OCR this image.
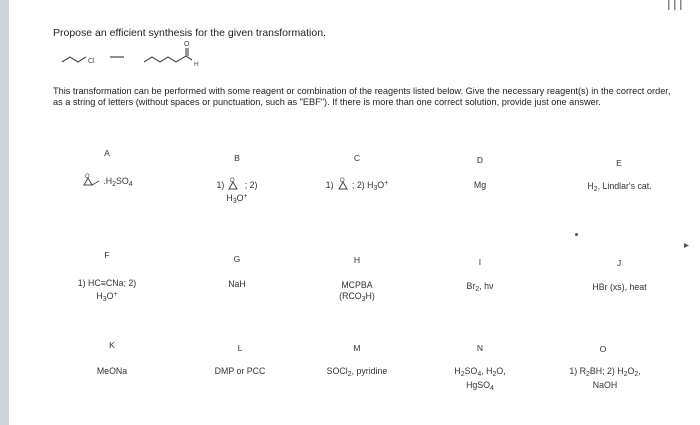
Propose an efficient synthesis for the given transformation.
Cl
O
H
This transformation can be performed with some reagent or combination of the reagents listed below. Give the necessary reagent(s) in the correct order, as a string of letters (without spaces or punctuation, such as "EBF"). If there is more than one correct solution, provide just one answer.
A
O $.H_2SO_4$
B
1) O ; 2)
$H_3O^+$
C
1) O ; 2) $H_3O^+$
D
Mg
E
$H_2$, Lindlar's cat.
F
1) HC≡CNa; 2)
$H_3O^+$
G
NaH
H
MCPBA
$(RCO_3H)$
I
$Br_2$, hν
J
HBr (xs), heat
K
MeONa
L
DMP or PCC
M
SOCl$_2$, pyridine
N
$H_2SO_4$, $H_2O$,
HgSO$_4$
O
1) $R_2BH$; 2) $H_2O_2$,
NaOH
